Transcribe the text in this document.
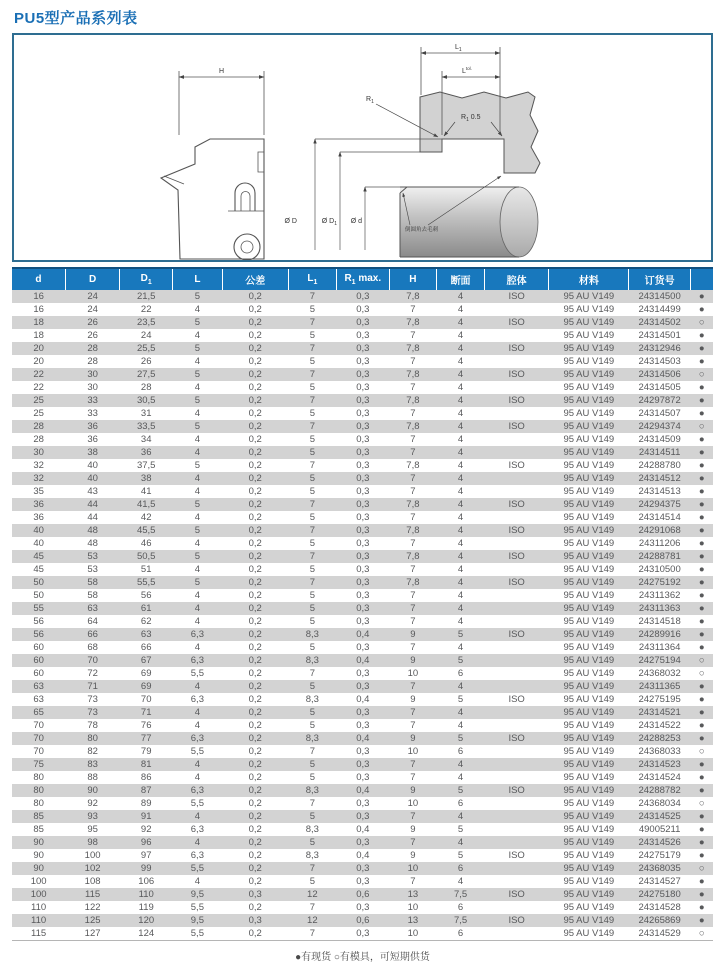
PU5型产品系列表
H
$R_1$ 0.5
$R_1$
$L_1$
$L^{tol.}$
Ø D	Ø $D_1$ Ø d
倒圆角去毛刺
d	D	$D_1$	L	公差	$L_1$	$R_1$ max.	H	断面	腔体	材料	订货号	
16	24	21,5	5	0,2	7	0,3	7,8	4	ISO	95 AU V149	24314500	●
16	24	22	4	0,2	5	0,3	7	4		95 AU V149	24314499	●
18	26	23,5	5	0,2	7	0,3	7,8	4	ISO	95 AU V149	24314502	○
18	26	24	4	0,2	5	0,3	7	4		95 AU V149	24314501	●
20	28	25,5	5	0,2	7	0,3	7,8	4	ISO	95 AU V149	24312946	●
20	28	26	4	0,2	5	0,3	7	4		95 AU V149	24314503	●
22	30	27,5	5	0,2	7	0,3	7,8	4	ISO	95 AU V149	24314506	○
22	30	28	4	0,2	5	0,3	7	4		95 AU V149	24314505	●
25	33	30,5	5	0,2	7	0,3	7,8	4	ISO	95 AU V149	24297872	●
25	33	31	4	0,2	5	0,3	7	4		95 AU V149	24314507	●
28	36	33,5	5	0,2	7	0,3	7,8	4	ISO	95 AU V149	24294374	○
28	36	34	4	0,2	5	0,3	7	4		95 AU V149	24314509	●
30	38	36	4	0,2	5	0,3	7	4		95 AU V149	24314511	●
32	40	37,5	5	0,2	7	0,3	7,8	4	ISO	95 AU V149	24288780	●
32	40	38	4	0,2	5	0,3	7	4		95 AU V149	24314512	●
35	43	41	4	0,2	5	0,3	7	4		95 AU V149	24314513	●
36	44	41,5	5	0,2	7	0,3	7,8	4	ISO	95 AU V149	24294375	●
36	44	42	4	0,2	5	0,3	7	4		95 AU V149	24314514	●
40	48	45,5	5	0,2	7	0,3	7,8	4	ISO	95 AU V149	24291068	●
40	48	46	4	0,2	5	0,3	7	4		95 AU V149	24311206	●
45	53	50,5	5	0,2	7	0,3	7,8	4	ISO	95 AU V149	24288781	●
45	53	51	4	0,2	5	0,3	7	4		95 AU V149	24310500	●
50	58	55,5	5	0,2	7	0,3	7,8	4	ISO	95 AU V149	24275192	●
50	58	56	4	0,2	5	0,3	7	4		95 AU V149	24311362	●
55	63	61	4	0,2	5	0,3	7	4		95 AU V149	24311363	●
56	64	62	4	0,2	5	0,3	7	4		95 AU V149	24314518	●
56	66	63	6,3	0,2	8,3	0,4	9	5	ISO	95 AU V149	24289916	●
60	68	66	4	0,2	5	0,3	7	4		95 AU V149	24311364	●
60	70	67	6,3	0,2	8,3	0,4	9	5		95 AU V149	24275194	○
60	72	69	5,5	0,2	7	0,3	10	6		95 AU V149	24368032	○
63	71	69	4	0,2	5	0,3	7	4		95 AU V149	24311365	●
63	73	70	6,3	0,2	8,3	0,4	9	5	ISO	95 AU V149	24275195	●
65	73	71	4	0,2	5	0,3	7	4		95 AU V149	24314521	●
70	78	76	4	0,2	5	0,3	7	4		95 AU V149	24314522	●
70	80	77	6,3	0,2	8,3	0,4	9	5	ISO	95 AU V149	24288253	●
70	82	79	5,5	0,2	7	0,3	10	6		95 AU V149	24368033	○
75	83	81	4	0,2	5	0,3	7	4		95 AU V149	24314523	●
80	88	86	4	0,2	5	0,3	7	4		95 AU V149	24314524	●
80	90	87	6,3	0,2	8,3	0,4	9	5	ISO	95 AU V149	24288782	●
80	92	89	5,5	0,2	7	0,3	10	6		95 AU V149	24368034	○
85	93	91	4	0,2	5	0,3	7	4		95 AU V149	24314525	●
85	95	92	6,3	0,2	8,3	0,4	9	5		95 AU V149	49005211	●
90	98	96	4	0,2	5	0,3	7	4		95 AU V149	24314526	●
90	100	97	6,3	0,2	8,3	0,4	9	5	ISO	95 AU V149	24275179	●
90	102	99	5,5	0,2	7	0,3	10	6		95 AU V149	24368035	○
100	108	106	4	0,2	5	0,3	7	4		95 AU V149	24314527	●
100	115	110	9,5	0,3	12	0,6	13	7,5	ISO	95 AU V149	24275180	●
110	122	119	5,5	0,2	7	0,3	10	6		95 AU V149	24314528	●
110	125	120	9,5	0,3	12	0,6	13	7,5	ISO	95 AU V149	24265869	●
115	127	124	5,5	0,2	7	0,3	10	6		95 AU V149	24314529	○
●有现货 ○有模具，可短期供货
